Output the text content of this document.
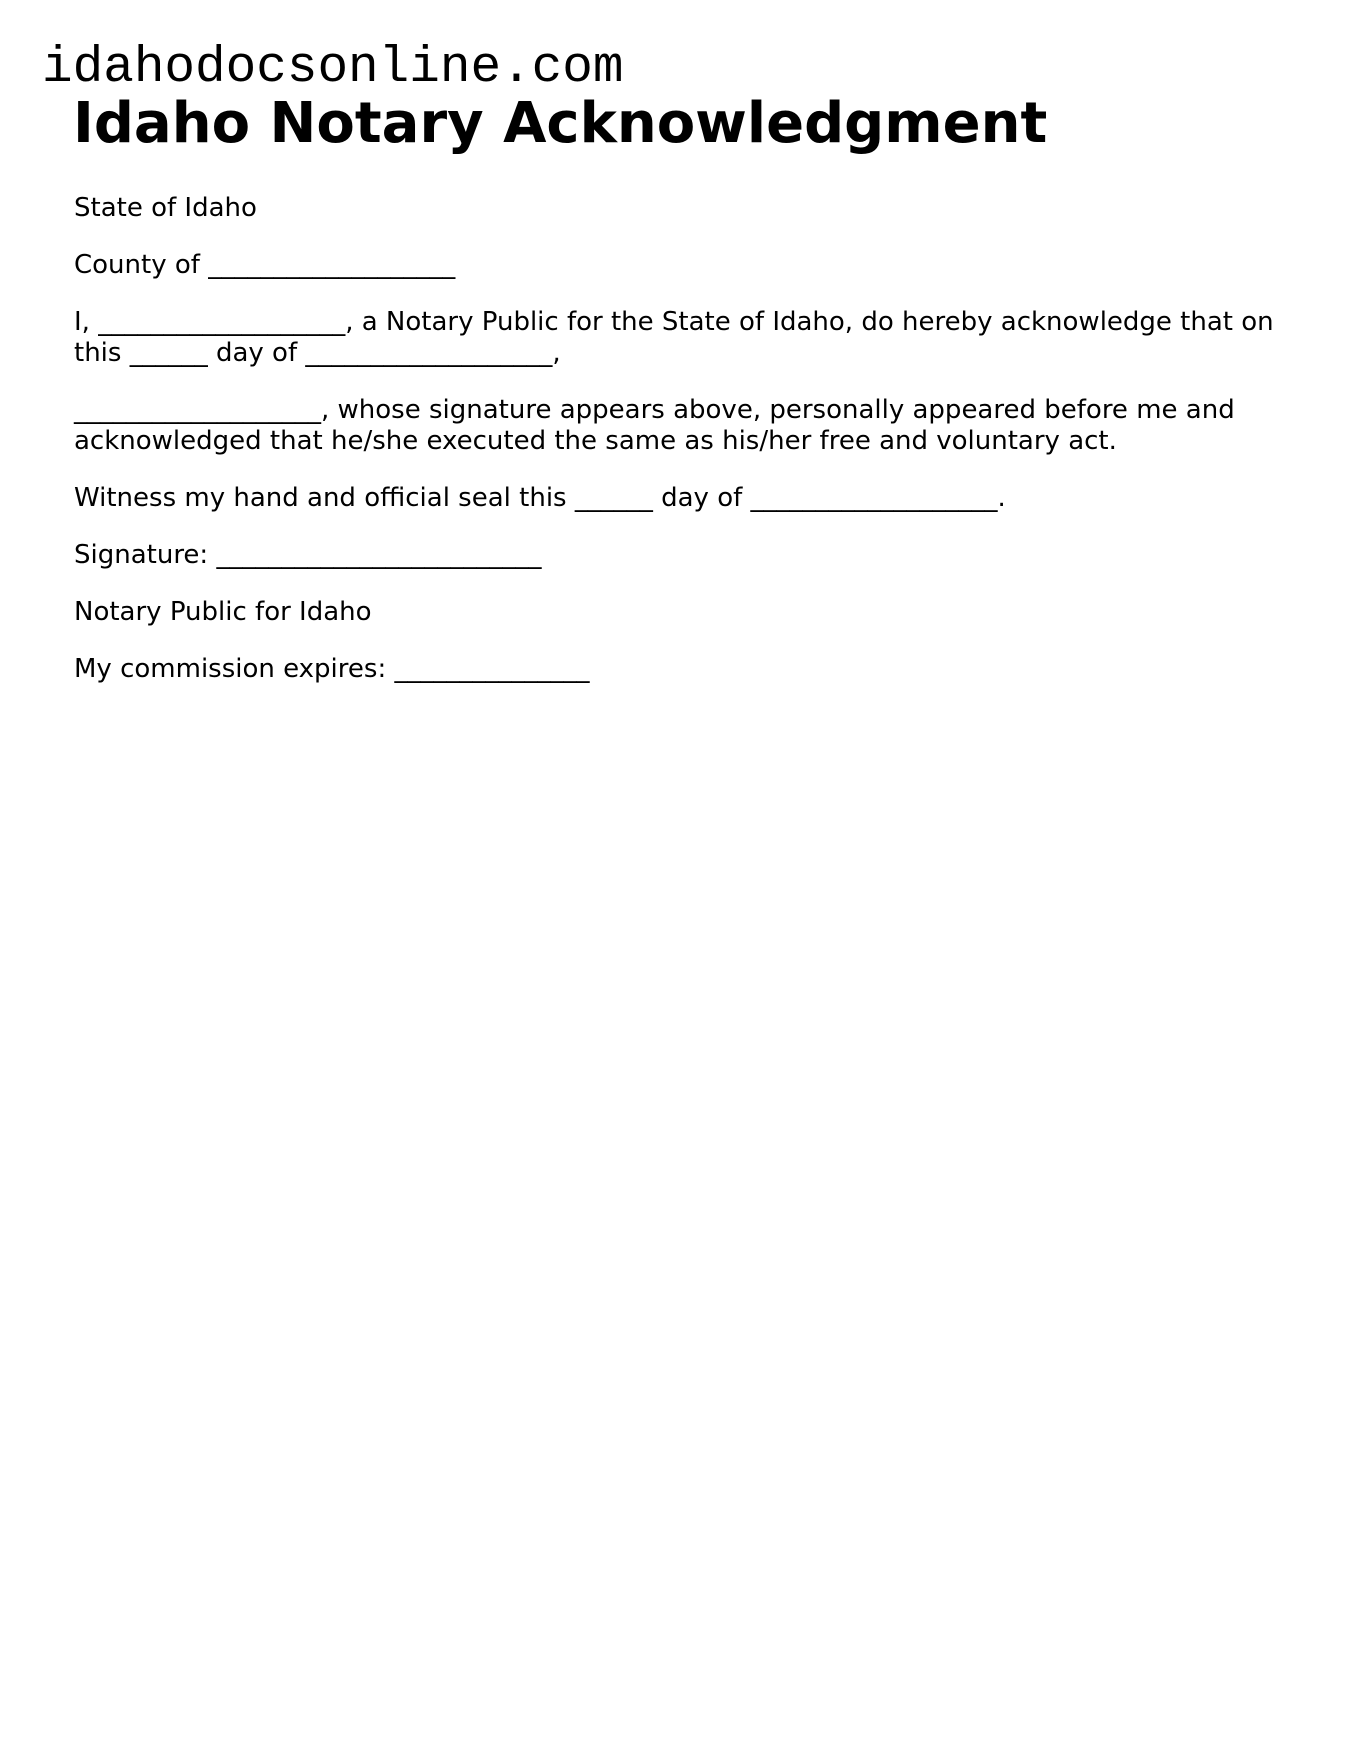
idahodocsonline.com
Idaho Notary Acknowledgment

State of Idaho

County of ___________________

I, ___________________, a Notary Public for the State of Idaho, do hereby acknowledge that on this ______ day of ___________________,

___________________, whose signature appears above, personally appeared before me and acknowledged that he/she executed the same as his/her free and voluntary act.

Witness my hand and official seal this ______ day of ___________________.

Signature: _________________________

Notary Public for Idaho

My commission expires: _______________
